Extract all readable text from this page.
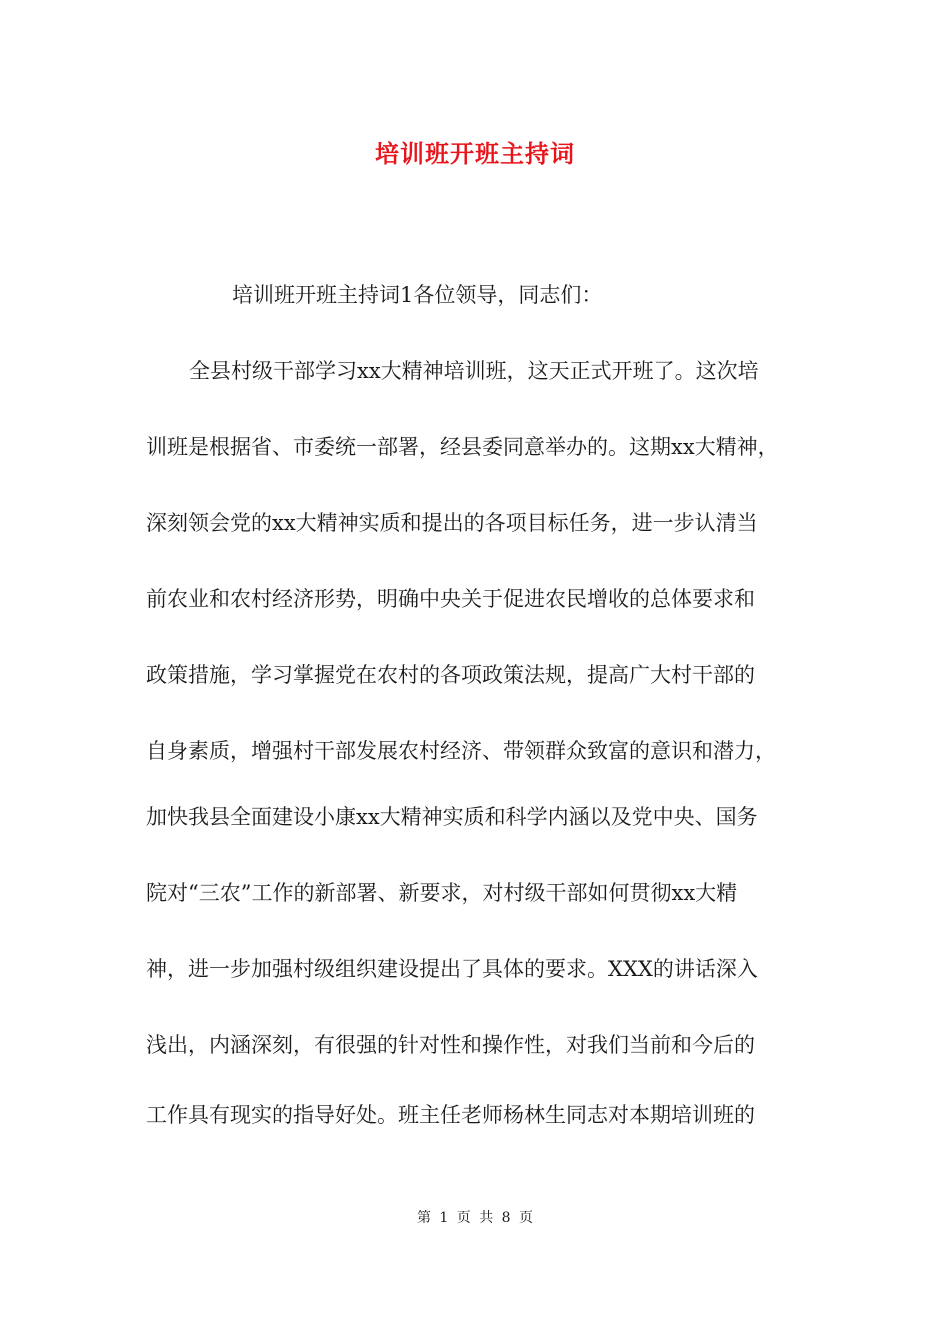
培训班开班主持词
培训班开班主持词1各位领导，同志们：
全县村级干部学习xx大精神培训班，这天正式开班了。这次培
训班是根据省、市委统一部署，经县委同意举办的。这期xx大精神，
深刻领会党的xx大精神实质和提出的各项目标任务，进一步认清当
前农业和农村经济形势，明确中央关于促进农民增收的总体要求和
政策措施，学习掌握党在农村的各项政策法规，提高广大村干部的
自身素质，增强村干部发展农村经济、带领群众致富的意识和潜力，
加快我县全面建设小康xx大精神实质和科学内涵以及党中央、国务
院对“三农”工作的新部署、新要求，对村级干部如何贯彻xx大精
神，进一步加强村级组织建设提出了具体的要求。XXX的讲话深入
浅出，内涵深刻，有很强的针对性和操作性，对我们当前和今后的
工作具有现实的指导好处。班主任老师杨林生同志对本期培训班的
第 1 页 共 8 页
